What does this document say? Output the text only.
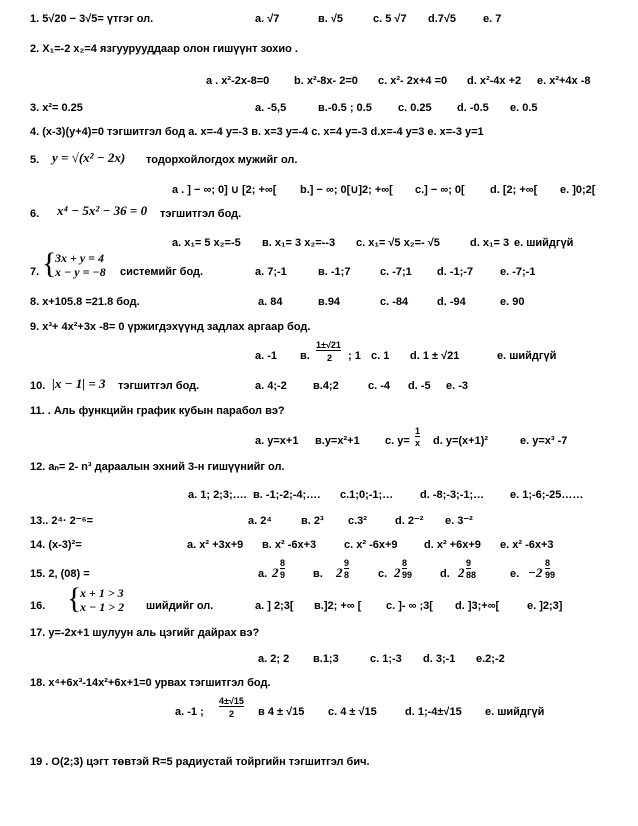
1. 5√20 − 3√5= үтгэг ол.	а. √7	в. √5	с. 5 √7 d.7√5 е. 7
2. X₁=-2 x₂=4 язгуурууддаар олон гишүүнт зохио .
а . x²-2x-8=0 b. x²-8x- 2=0 с. x²- 2x+4 =0 d. x²-4x +2 е. x²+4x -8
3. x²= 0.25	а. -5,5	в.-0.5 ; 0.5 с. 0.25 d. -0.5 е. 0.5
4. (x-3)(y+4)=0 тэгшитгэл бод а. x=-4 y=-3 в. x=3 y=-4 с. x=4 y=-3 d.x=-4 y=3 е. x=-3 y=1
5. y = √(x² − 2x) тодорхойлогдох мужийг ол.
а . ] − ∞; 0] ∪ [2; +∞[ b.] − ∞; 0[∪]2; +∞[ с.] − ∞; 0[ d. [2; +∞[ е. ]0;2[
6. x⁴ − 5x² − 36 = 0 тэгшитгэл бод.
а. x₁= 5 x₂=-5 в. x₁= 3 x₂=--3 с. x₁= √5 x₂=- √5	d. x₁= 3 е. шийдгүй
7. {
3x + y = 4
x − y = −8 системийг бод.	а. 7;-1	в. -1;7	с. -7;1 d. -1;-7 е. -7;-1
8. x+105.8 =21.8 бод.	а. 84	в.94	с. -84	d. -94	е. 90
9. x³+ 4x²+3x -8= 0 үржигдэхүүнд задлах аргаар бод.
а. -1 в.
1±√21
2 ; 1 с. 1 d. 1 ± √21	е. шийдгүй
10. |x − 1| = 3 тэгшитгэл бод.	а. 4;-2 в.4;2	с. -4 d. -5 е. -3
11. . Аль функцийн график кубын парабол вэ?
а. y=x+1 в.y=x²+1 с. y=
1
x d. y=(x+1)²	е. y=x³ -7
12. aₙ= 2- n³ дараалын эхний 3-н гишүүнийг ол.
а. 1; 2;3;…. в. -1;-2;-4;…. с.1;0;-1;… d. -8;-3;-1;… е. 1;-6;-25……
13.. 2⁴· 2⁻⁶=	а. 2⁴	в. 2³ с.3²	d. 2⁻² е. 3⁻²
14. (x-3)²=	а. x² +3x+9 в. x² -6x+3	с. x² -6x+9 d. x² +6x+9 е. x² -6x+3
15. 2, (08) =	а. 2
8
9	в. 2
9
8	с. 2
8
99	d. 2
9
88	е. −2
8
99
16. {
x + 1 > 3
x − 1 > 2 шийдийг ол.	а. ] 2;3[ в.]2; +∞ [ с. ]- ∞ ;3[ d. ]3;+∞[	е. ]2;3]
17. y=-2x+1 шулуун аль цэгийг дайрах вэ?
а. 2; 2 в.1;3	с. 1;-3 d. 3;-1 е.2;-2
18. x⁴+6x³-14x²+6x+1=0 урвах тэгшитгэл бод.
а. -1 ;
4±√15
2 в 4 ± √15 с. 4 ± √15	d. 1;-4±√15 е. шийдгүй
19 . O(2;3) цэгт төвтэй R=5 радиустай тойргийн тэгшитгэл бич.
